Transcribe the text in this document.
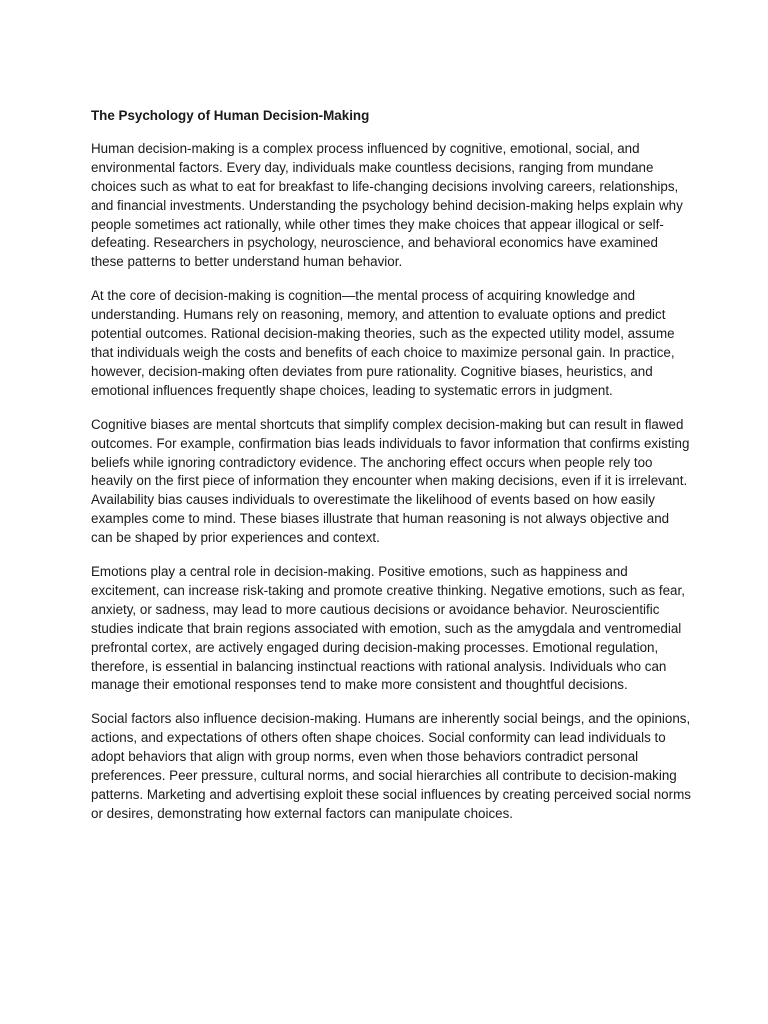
The Psychology of Human Decision-Making

Human decision-making is a complex process influenced by cognitive, emotional, social, and environmental factors. Every day, individuals make countless decisions, ranging from mundane choices such as what to eat for breakfast to life-changing decisions involving careers, relationships, and financial investments. Understanding the psychology behind decision-making helps explain why people sometimes act rationally, while other times they make choices that appear illogical or self-defeating. Researchers in psychology, neuroscience, and behavioral economics have examined these patterns to better understand human behavior.

At the core of decision-making is cognition—the mental process of acquiring knowledge and understanding. Humans rely on reasoning, memory, and attention to evaluate options and predict potential outcomes. Rational decision-making theories, such as the expected utility model, assume that individuals weigh the costs and benefits of each choice to maximize personal gain. In practice, however, decision-making often deviates from pure rationality. Cognitive biases, heuristics, and emotional influences frequently shape choices, leading to systematic errors in judgment.

Cognitive biases are mental shortcuts that simplify complex decision-making but can result in flawed outcomes. For example, confirmation bias leads individuals to favor information that confirms existing beliefs while ignoring contradictory evidence. The anchoring effect occurs when people rely too heavily on the first piece of information they encounter when making decisions, even if it is irrelevant. Availability bias causes individuals to overestimate the likelihood of events based on how easily examples come to mind. These biases illustrate that human reasoning is not always objective and can be shaped by prior experiences and context.

Emotions play a central role in decision-making. Positive emotions, such as happiness and excitement, can increase risk-taking and promote creative thinking. Negative emotions, such as fear, anxiety, or sadness, may lead to more cautious decisions or avoidance behavior. Neuroscientific studies indicate that brain regions associated with emotion, such as the amygdala and ventromedial prefrontal cortex, are actively engaged during decision-making processes. Emotional regulation, therefore, is essential in balancing instinctual reactions with rational analysis. Individuals who can manage their emotional responses tend to make more consistent and thoughtful decisions.

Social factors also influence decision-making. Humans are inherently social beings, and the opinions, actions, and expectations of others often shape choices. Social conformity can lead individuals to adopt behaviors that align with group norms, even when those behaviors contradict personal preferences. Peer pressure, cultural norms, and social hierarchies all contribute to decision-making patterns. Marketing and advertising exploit these social influences by creating perceived social norms or desires, demonstrating how external factors can manipulate choices.
